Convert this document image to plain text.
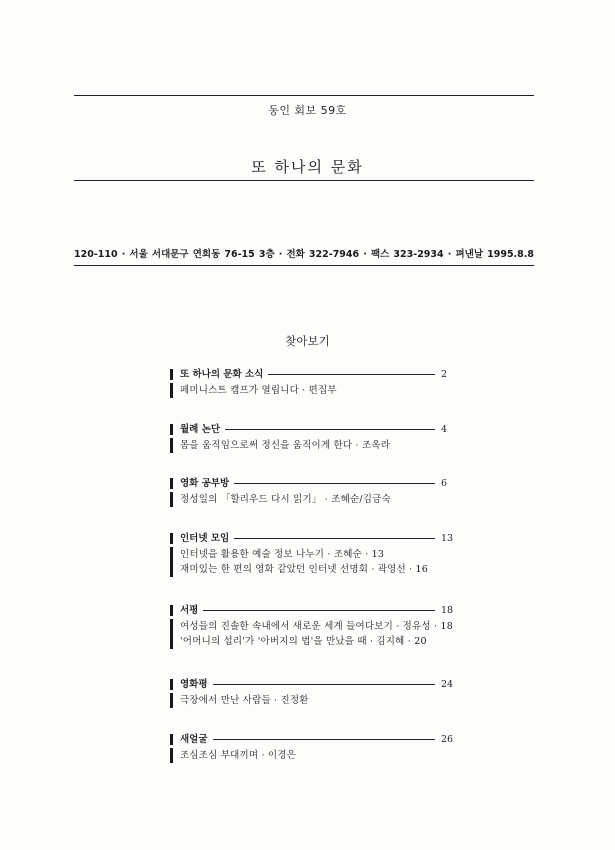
동인 회보 59호
또 하나의 문화
120-110 · 서울 서대문구 연희동 76-15 3층 · 전화 322-7946 · 팩스 323-2934 · 펴낸날 1995.8.8
찾아보기
또 하나의 문화 소식	2
페미니스트 캠프가 열립니다 · 편집부
월례 논단	4
몸을 움직임으로써 정신을 움직이게 한다 · 조옥라
영화 공부방	6
정성일의 「할리우드 다시 읽기」 · 조혜순/김금숙
인터넷 모임	13
인터넷을 활용한 예술 정보 나누기 · 조혜순 · 13
재미있는 한 편의 영화 같았던 인터넷 선명회 · 곽영선 · 16
서평	18
여성들의 진솔한 속내에서 새로운 세계 들여다보기 · 정유성 · 18
'어머니의 섭리'가 '아버지의 법'을 만났을 때 · 김지혜 · 20
영화평	24
극장에서 만난 사람들 · 진정환
새얼굴	26
조심조심 부대끼며 · 이경은
